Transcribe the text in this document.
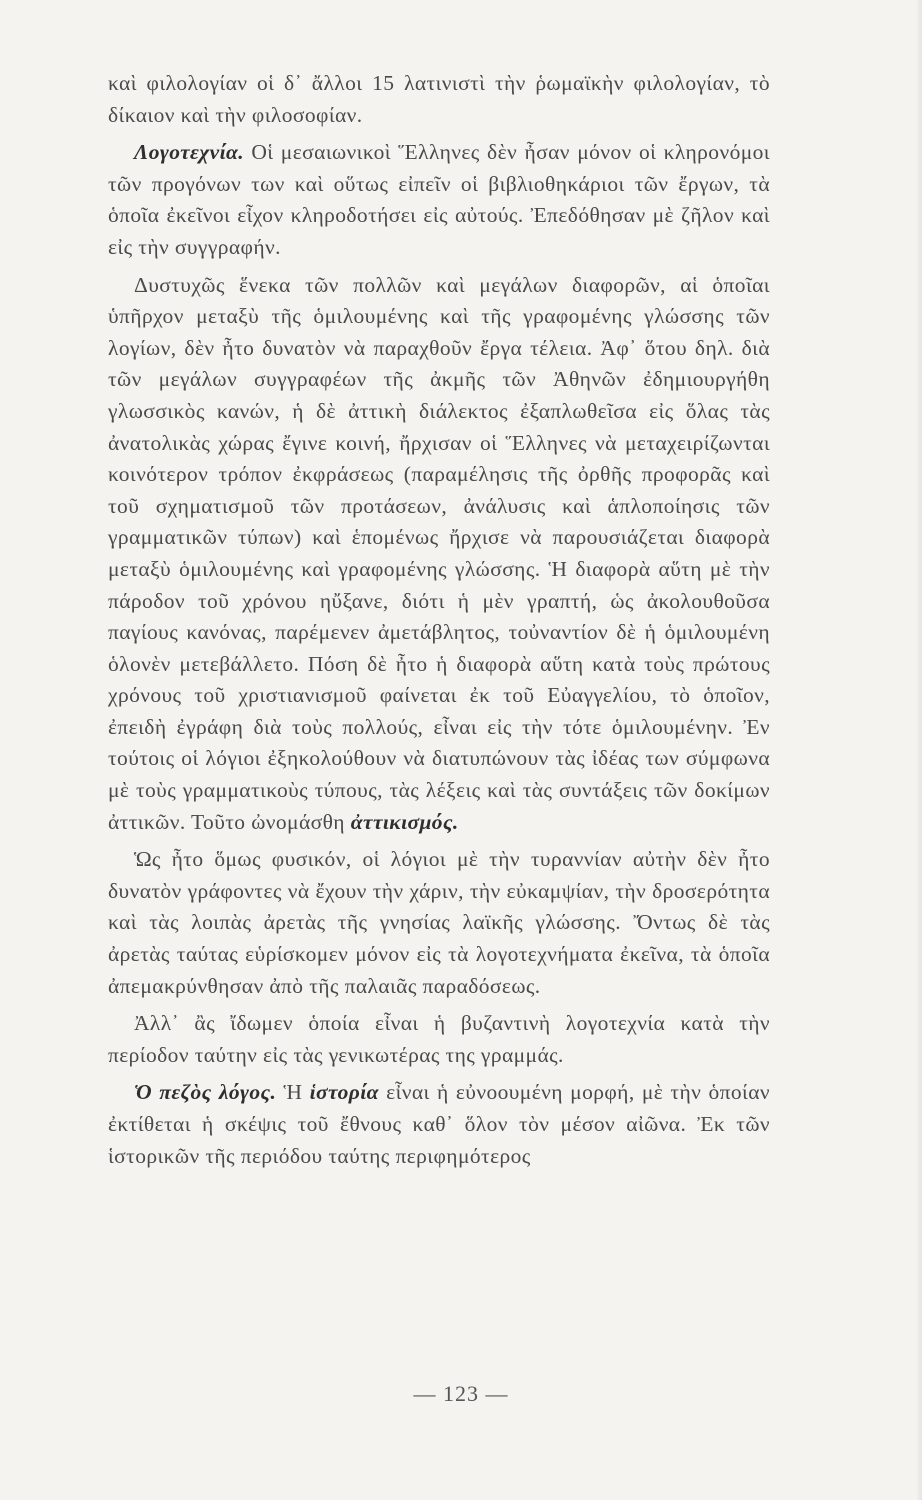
καὶ φιλολογίαν οἱ δ᾽ ἄλλοι 15 λατινιστὶ τὴν ῥωμαϊκὴν φιλολογίαν, τὸ δίκαιον καὶ τὴν φιλοσοφίαν.

Λογοτεχνία. Οἱ μεσαιωνικοὶ Ἕλληνες δὲν ἦσαν μόνον οἱ κληρονόμοι τῶν προγόνων των καὶ οὕτως εἰπεῖν οἱ βιβλιοθηκάριοι τῶν ἔργων, τὰ ὁποῖα ἐκεῖνοι εἶχον κληροδοτήσει εἰς αὐτούς. Ἐπεδόθησαν μὲ ζῆλον καὶ εἰς τὴν συγγραφήν.

Δυστυχῶς ἕνεκα τῶν πολλῶν καὶ μεγάλων διαφορῶν, αἱ ὁποῖαι ὑπῆρχον μεταξὺ τῆς ὁμιλουμένης καὶ τῆς γραφομένης γλώσσης τῶν λογίων, δὲν ἦτο δυνατὸν νὰ παραχθοῦν ἔργα τέλεια. Ἀφ᾽ ὅτου δηλ. διὰ τῶν μεγάλων συγγραφέων τῆς ἀκμῆς τῶν Ἀθηνῶν ἐδημιουργήθη γλωσσικὸς κανών, ἡ δὲ ἀττικὴ διάλεκτος ἐξαπλωθεῖσα εἰς ὅλας τὰς ἀνατολικὰς χώρας ἔγινε κοινή, ἤρχισαν οἱ Ἕλληνες νὰ μεταχειρίζωνται κοινότερον τρόπον ἐκφράσεως (παραμέλησις τῆς ὀρθῆς προφορᾶς καὶ τοῦ σχηματισμοῦ τῶν προτάσεων, ἀνάλυσις καὶ ἁπλοποίησις τῶν γραμματικῶν τύπων) καὶ ἑπομένως ἤρχισε νὰ παρουσιάζεται διαφορὰ μεταξὺ ὁμιλουμένης καὶ γραφομένης γλώσσης. Ἡ διαφορὰ αὕτη μὲ τὴν πάροδον τοῦ χρόνου ηὔξανε, διότι ἡ μὲν γραπτή, ὡς ἀκολουθοῦσα παγίους κανόνας, παρέμενεν ἀμετάβλητος, τοὐναντίον δὲ ἡ ὁμιλουμένη ὁλονὲν μετεβάλλετο. Πόση δὲ ἦτο ἡ διαφορὰ αὕτη κατὰ τοὺς πρώτους χρόνους τοῦ χριστιανισμοῦ φαίνεται ἐκ τοῦ Εὐαγγελίου, τὸ ὁποῖον, ἐπειδὴ ἐγράφη διὰ τοὺς πολλούς, εἶναι εἰς τὴν τότε ὁμιλουμένην. Ἐν τούτοις οἱ λόγιοι ἐξηκολούθουν νὰ διατυπώνουν τὰς ἰδέας των σύμφωνα μὲ τοὺς γραμματικοὺς τύπους, τὰς λέξεις καὶ τὰς συντάξεις τῶν δοκίμων ἀττικῶν. Τοῦτο ὠνομάσθη ἀττικισμός.

Ὡς ἦτο ὅμως φυσικόν, οἱ λόγιοι μὲ τὴν τυραννίαν αὐτὴν δὲν ἦτο δυνατὸν γράφοντες νὰ ἔχουν τὴν χάριν, τὴν εὐκαμψίαν, τὴν δροσερότητα καὶ τὰς λοιπὰς ἀρετὰς τῆς γνησίας λαϊκῆς γλώσσης. Ὄντως δὲ τὰς ἀρετὰς ταύτας εὑρίσκομεν μόνον εἰς τὰ λογοτεχνήματα ἐκεῖνα, τὰ ὁποῖα ἀπεμακρύνθησαν ἀπὸ τῆς παλαιᾶς παραδόσεως.

Ἀλλ᾽ ἂς ἴδωμεν ὁποία εἶναι ἡ βυζαντινὴ λογοτεχνία κατὰ τὴν περίοδον ταύτην εἰς τὰς γενικωτέρας της γραμμάς.

Ὁ πεζὸς λόγος. Ἡ ἱστορία εἶναι ἡ εὐνοουμένη μορφή, μὲ τὴν ὁποίαν ἐκτίθεται ἡ σκέψις τοῦ ἔθνους καθ᾽ ὅλον τὸν μέσον αἰῶνα. Ἐκ τῶν ἱστορικῶν τῆς περιόδου ταύτης περιφημότερος

— 123 —
